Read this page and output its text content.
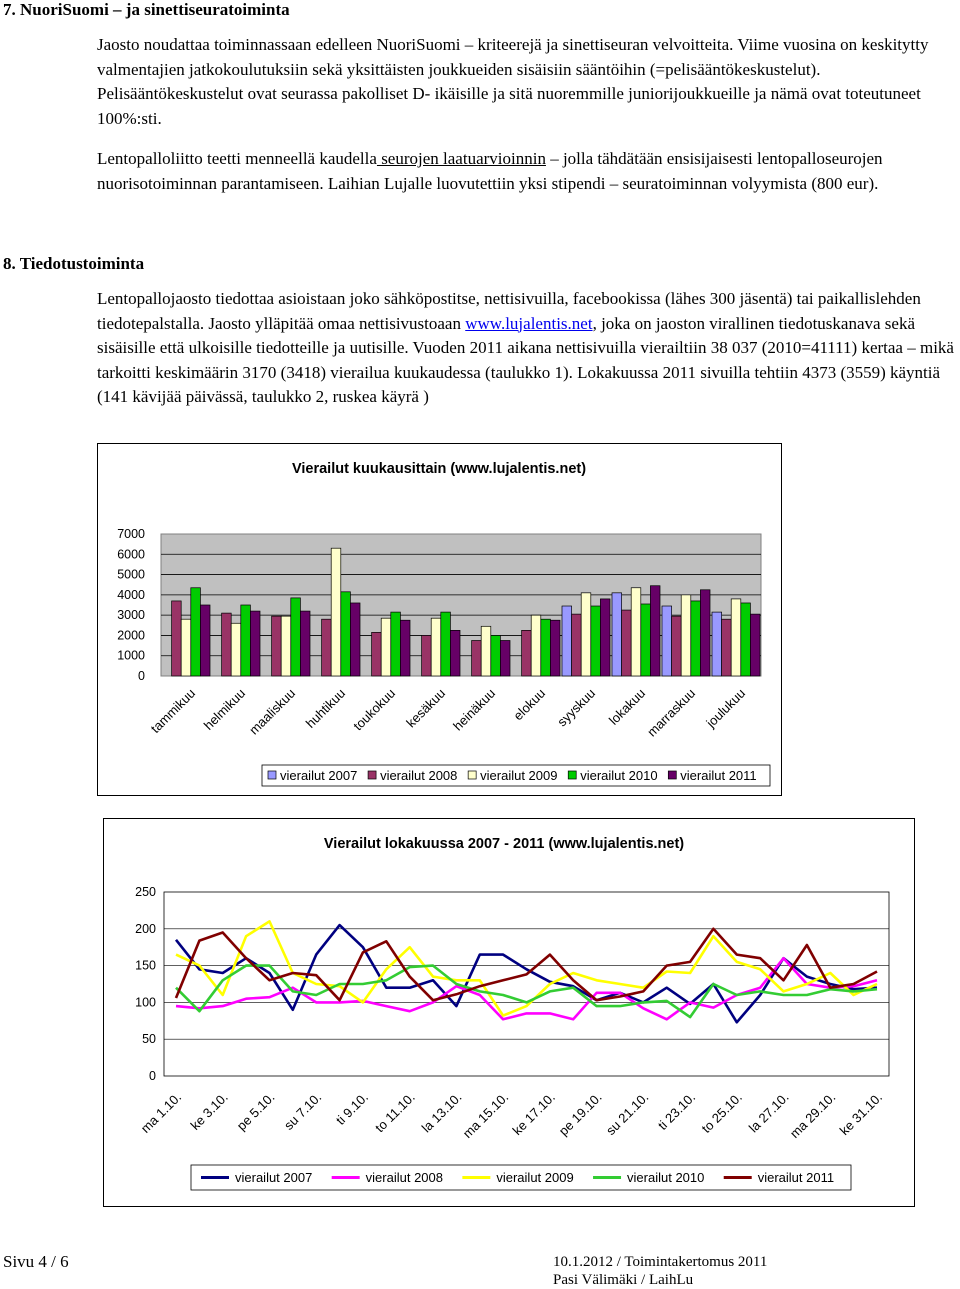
7. NuoriSuomi – ja sinettiseuratoiminta

Jaosto noudattaa toiminnassaan edelleen NuoriSuomi – kriteerejä ja sinettiseuran velvoitteita. Viime vuosina on keskitytty valmentajien jatkokoulutuksiin sekä yksittäisten joukkueiden sisäisiin sääntöihin (=pelisääntökeskustelut). Pelisääntökeskustelut ovat seurassa pakolliset D- ikäisille ja sitä nuoremmille juniorijoukkueille ja nämä ovat toteutuneet 100%:sti.

Lentopalloliitto teetti menneellä kaudella seurojen laatuarvioinnin – jolla tähdätään ensisijaisesti lentopalloseurojen nuorisotoiminnan parantamiseen. Laihian Lujalle luovutettiin yksi stipendi – seuratoiminnan volyymista (800 eur).

8. Tiedotustoiminta

Lentopallojaosto tiedottaa asioistaan joko sähköpostitse, nettisivuilla, facebookissa (lähes 300 jäsentä) tai paikallislehden tiedotepalstalla. Jaosto ylläpitää omaa nettisivustoaan www.lujalentis.net, joka on jaoston virallinen tiedotuskanava sekä sisäisille että ulkoisille tiedotteille ja uutisille. Vuoden 2011 aikana nettisivuilla vierailtiin 38 037 (2010=41111) kertaa – mikä tarkoitti keskimäärin 3170 (3418) vierailua kuukaudessa (taulukko 1). Lokakuussa 2011 sivuilla tehtiin 4373 (3559) käyntiä (141 kävijää päivässä, taulukko 2, ruskea käyrä )

Vierailut kuukausittain (www.lujalentis.net)
0
1000
2000
3000
4000
5000
6000
7000
tammikuu helmikuu
maaliskuu huhtikuu toukokuu kesäkuu heinäkuu elokuu syyskuu lokakuu
marraskuu joulukuu
vierailut 2007 vierailut 2008 vierailut 2009 vierailut 2010 vierailut 2011
Vierailut lokakuussa 2007 - 2011 (www.lujalentis.net)
0
50
100
150
200
250
ma 1.10. ke 3.10. pe 5.10. su 7.10. ti 9.10. to 11.10. la 13.10.
ma 15.10.
ke 17.10.
pe 19.10.
su 21.10. ti 23.10. to 25.10. la 27.10.
ma 29.10.
ke 31.10.
vierailut 2007	vierailut 2008	vierailut 2009	vierailut 2010	vierailut 2011

Sivu 4 / 6	10.1.2012 / Toimintakertomus 2011

Pasi Välimäki / LaihLu
